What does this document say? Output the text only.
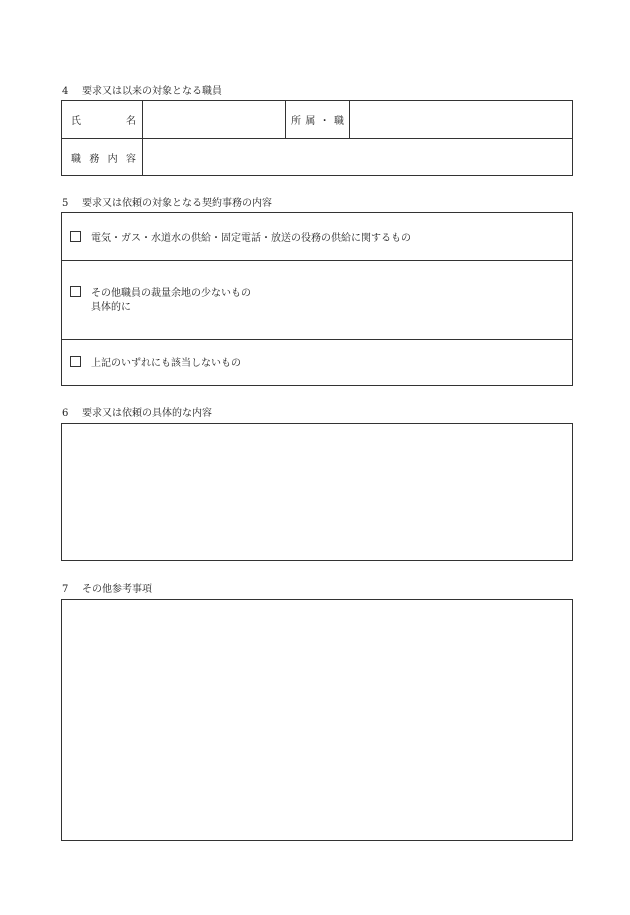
4 要求又は以来の対象となる職員
氏 名		所 属 ・ 職	

職 務 内 容			

5 要求又は依頼の対象となる契約事務の内容
電気・ガス・水道水の供給・固定電話・放送の役務の供給に関するもの
その他職員の裁量余地の少ないもの
具体的に
上記のいずれにも該当しないもの
6 要求又は依頼の具体的な内容
7 その他参考事項
